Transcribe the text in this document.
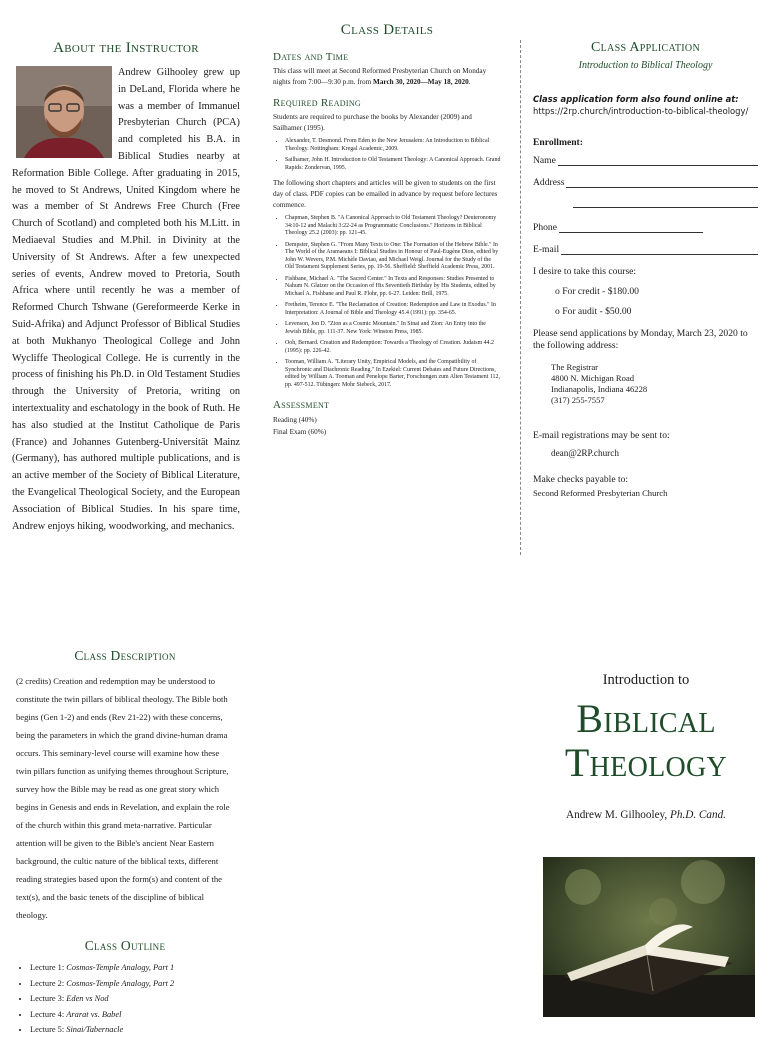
About the Instructor
Andrew Gilhooley grew up in DeLand, Florida where he was a member of Immanuel Presbyterian Church (PCA) and completed his B.A. in Biblical Studies nearby at Reformation Bible College. After graduating in 2015, he moved to St Andrews, United Kingdom where he was a member of St Andrews Free Church (Free Church of Scotland) and completed both his M.Litt. in Mediaeval Studies and M.Phil. in Divinity at the University of St Andrews. After a few unexpected series of events, Andrew moved to Pretoria, South Africa where until recently he was a member of Reformed Church Tshwane (Gereformeerde Kerke in Suid-Afrika) and Adjunct Professor of Biblical Studies at both Mukhanyo Theological College and John Wycliffe Theological College. He is currently in the process of finishing his Ph.D. in Old Testament Studies through the University of Pretoria, writing on intertextuality and eschatology in the book of Ruth. He has also studied at the Institut Catholique de Paris (France) and Johannes Gutenberg-Universität Mainz (Germany), has authored multiple publications, and is an active member of the Society of Biblical Literature, the Evangelical Theological Society, and the European Association of Biblical Studies. In his spare time, Andrew enjoys hiking, woodworking, and mechanics.
Class Details
Dates and Time

This class will meet at Second Reformed Presbyterian Church on Monday nights from 7:00—9:30 p.m. from March 30, 2020—May 18, 2020.

Required Reading

Students are required to purchase the books by Alexander (2009) and Sailhamer (1995).

• Alexander, T. Desmond. From Eden to the New Jerusalem: An Introduction to Biblical Theology. Nottingham: Kregal Academic, 2009.
• Sailhamer, John H. Introduction to Old Testament Theology: A Canonical Approach. Grand Rapids: Zondervan, 1995.

The following short chapters and articles will be given to students on the first day of class. PDF copies can be emailed in advance by request before lectures commence.

• Chapman, Stephen B. "A Canonical Approach to Old Testament Theology? Deuteronomy 34:10-12 and Malachi 3:22-24 as Programmatic Conclusions." Horizons in Biblical Theology 25.2 (2003): pp. 121-45.
• Dempster, Stephen G. "From Many Texts to One: The Formation of the Hebrew Bible." In The World of the Aramaeans I: Biblical Studies in Honour of Paul-Eugène Dion, edited by John W. Wevers, P.M. Michèle Daviau, and Michael Weigl. Journal for the Study of the Old Testament Supplement Series, pp. 19-56. Sheffield: Sheffield Academic Press, 2001.
• Fishbane, Michael A. "The Sacred Center." In Texts and Responses: Studies Presented to Nahum N. Glatzer on the Occasion of His Seventieth Birthday by His Students, edited by Michael A. Fishbane and Paul R. Flohr, pp. 6-27. Leiden: Brill, 1975.
• Fretheim, Terence E. "The Reclamation of Creation: Redemption and Law in Exodus." In Interpretation: A Journal of Bible and Theology 45.4 (1991): pp. 354-65.
• Levenson, Jon D. "Zion as a Cosmic Mountain." In Sinai and Zion: An Entry into the Jewish Bible, pp. 111-37. New York: Winston Press, 1985.
• Ooh, Bernard. Creation and Redemption: Towards a Theology of Creation. Judaism 44.2 (1995): pp. 226-42.
• Tooman, William A. "Literary Unity, Empirical Models, and the Compatibility of Synchronic and Diachronic Reading." In Ezekiel: Current Debates and Future Directions, edited by William A. Tooman and Penelope Barter, Forschungen zum Alten Testament 112, pp. 497-512. Tübingen: Mohr Siebeck, 2017.
Assessment
Reading (40%)
Final Exam (60%)
Class Application

Introduction to Biblical Theology

Class application form also found online at:
https://2rp.church/introduction-to-biblical-theology/
Enrollment:
Name
Address
Phone
E-mail
I desire to take this course:
o For credit - $180.00
o For audit - $50.00
Please send applications by Monday, March 23, 2020 to the following address:
The Registrar
4800 N. Michigan Road
Indianapolis, Indiana 46228
(317) 255-7557
E-mail registrations may be sent to:
dean@2RP.church
Make checks payable to:
Second Reformed Presbyterian Church
Class Description
(2 credits) Creation and redemption may be understood to constitute the twin pillars of biblical theology. The Bible both begins (Gen 1-2) and ends (Rev 21-22) with these concerns, being the parameters in which the grand divine-human drama occurs. This seminary-level course will examine how these twin pillars function as unifying themes throughout Scripture, survey how the Bible may be read as one great story which begins in Genesis and ends in Revelation, and explain the role of the church within this grand meta-narrative. Particular attention will be given to the Bible's ancient Near Eastern background, the cultic nature of the biblical texts, different reading strategies based upon the form(s) and content of the text(s), and the basic tenets of the discipline of biblical theology.
Class Outline
• Lecture 1: Cosmos-Temple Analogy, Part 1
• Lecture 2: Cosmos-Temple Analogy, Part 2
• Lecture 3: Eden vs Nod
• Lecture 4: Ararat vs. Babel
• Lecture 5: Sinai/Tabernacle
Introduction to
Biblical
Theology
Andrew M. Gilhooley, Ph.D. Cand.
